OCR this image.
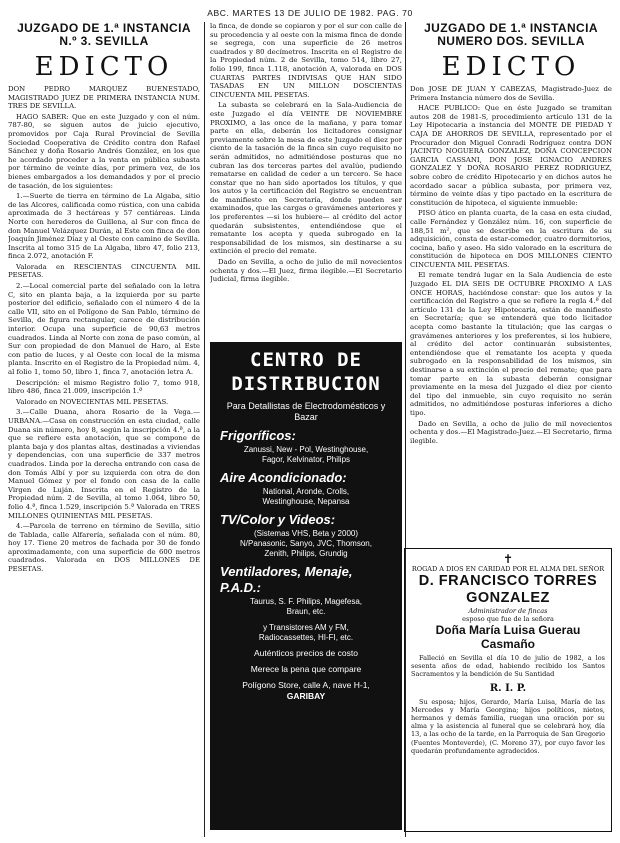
ABC. MARTES 13 DE JULIO DE 1982. PAG. 70
JUZGADO DE 1.ª INSTANCIA N.º 3. SEVILLA
EDICTO

DON PEDRO MARQUEZ BUENESTADO, MAGISTRADO JUEZ DE PRIMERA INSTANCIA NUM. TRES DE SEVILLA.

HAGO SABER: Que en este Juzgado y con el núm. 787-80, se siguen autos de juicio ejecutivo, promovidos por Caja Rural Provincial de Sevilla Sociedad Cooperativa de Crédito contra don Rafael Sánchez y doña Rosario Andrés González, en los que he acordado proceder a la venta en pública subasta por término de veinte días, por primera vez, de los bienes embargados a los demandados y por el precio de tasación, de los siguientes:

1.—Suerte de tierra en término de La Algaba, sitio de las Alcores, calificada como rústica, con una cabida aproximada de 3 hectáreas y 57 centiáreas. Linda Norte con herederos de Guillena, al Sur con finca de don Manuel Velázquez Durán, al Este con finca de don Joaquín Jiménez Díaz y al Oeste con camino de Sevilla. Inscrita al tomo 315 de La Algaba, libro 47, folio 213, finca 2.072, anotación F.

Valorada en RESCIENTAS CINCUENTA MIL PESETAS.

2.—Local comercial parte del señalado con la letra C, sito en planta baja, a la izquierda por su parte posterior del edificio, señalado con el número 4 de la calle VII, sito en el Polígono de San Pablo, término de Sevilla, de figura rectangular, carece de distribución interior. Ocupa una superficie de 90,63 metros cuadrados. Linda al Norte con zona de paso común, al Sur con propiedad de don Manuel de Haro, al Este con patio de luces, y al Oeste con local de la misma planta. Inscrito en el Registro de la Propiedad núm. 4, al folio 1, tomo 50, libro 1, finca 7, anotación letra A.

Descripción: el mismo Registro folio 7, tomo 918, libro 486, finca 21.009, inscripción 1.ª

Valorado en NOVECIENTAS MIL PESETAS.

3.—Calle Duana, ahora Rosario de la Vega.—URBANA.—Casa en construcción en esta ciudad, calle Duana sin número, hoy 8, según la inscripción 4.ª, a la que se refiere esta anotación, que se compone de planta baja y dos plantas altas, destinadas a viviendas y dependencias, con una superficie de 337 metros cuadrados. Linda por la derecha entrando con casa de don Tomás Albí y por su izquierda con otra de don Manuel Gómez y por el fondo con casa de la calle Virgen de Luján. Inscrita en el Registro de la Propiedad núm. 2 de Sevilla, al tomo 1.064, libro 50, folio 4.ª, finca 1.529, inscripción 5.ª Valorada en TRES MILLONES QUINIENTAS MIL PESETAS.

4.—Parcela de terreno en término de Sevilla, sitio de Tablada, calle Alfarería, señalada con el núm. 80, hoy 17. Tiene 20 metros de fachada por 30 de fondo aproximadamente, con una superficie de 600 metros cuadrados. Valorada en DOS MILLONES DE PESETAS.

la finca, de donde se copiaron y por el sur con calle de su procedencia y al oeste con la misma finca de donde se segrega, con una superficie de 26 metros cuadrados y 80 decímetros. Inscrita en el Registro de la Propiedad núm. 2 de Sevilla, tomo 514, libro 27, folio 199, finca 1.118, anotación A, valorada en DOS CUARTAS PARTES INDIVISAS QUE HAN SIDO TASADAS EN UN MILLON DOSCIENTAS CINCUENTA MIL PESETAS.

La subasta se celebrará en la Sala-Audiencia de este Juzgado el día VEINTE DE NOVIEMBRE PROXIMO, a las once de la mañana, y para tomar parte en ella, deberán los licitadores consignar previamente sobre la mesa de este Juzgado el diez por ciento de la tasación de la finca sin cuyo requisito no serán admitidos, no admitiéndose posturas que no cubran las dos terceras partes del avalúo, pudiendo rematarse en calidad de ceder a un tercero. Se hace constar que no han sido aportados los títulos, y que los autos y la certificación del Registro se encuentran de manifiesto en Secretaría, donde pueden ser examinados, que las cargas o gravámenes anteriores y los preferentes —si los hubiere— al crédito del actor quedarán subsistentes, entendiéndose que el rematante los acepta y queda subrogado en la responsabilidad de los mismos, sin destinarse a su extinción el precio del remate.

Dado en Sevilla, a ocho de julio de mil novecientos ochenta y dos.—El Juez, firma ilegible.—El Secretario Judicial, firma ilegible.

CENTRO DE
DISTRIBUCION
Para Detallistas de Electrodomésticos y Bazar
Frigoríficos:
Zanussi, New - Pol, Westinghouse,
Fagor, Kelvinator, Philips
Aire Acondicionado:
National, Aronde, Crolls,
Westinghouse, Nepansa
TV/Color y Videos:
(Sistemas VHS, Beta y 2000)
N/Panasonic, Sanyo, JVC, Thomson,
Zenith, Philips, Grundig
Ventiladores, Menaje, P.A.D.:
Taurus, S. F. Philips, Magefesa,
Braun, etc.
y Transistores AM y FM,
Radiocassettes, HI-FI, etc.
Auténticos precios de costo
Merece la pena que compare
Polígono Store, calle A, nave H-1,
GARIBAY
JUZGADO DE 1.ª INSTANCIA NUMERO DOS. SEVILLA
EDICTO

Don JOSE DE JUAN Y CABEZAS, Magistrado-Juez de Primera Instancia número dos de Sevilla.

HACE PUBLICO: Que en éste Juzgado se tramitan autos 208 de 1981-S, procedimiento artículo 131 de la Ley Hipotecaria a instancia del MONTE DE PIEDAD Y CAJA DE AHORROS DE SEVILLA, representado por el Procurador don Miguel Conradi Rodríguez contra DON JACINTO NOGUERA GONZALEZ, DOÑA CONCEPCION GARCIA CASSANI, DON JOSE IGNACIO ANDRES GONZALEZ Y DOÑA ROSARIO PEREZ RODRIGUEZ, sobre cobro de crédito Hipotecario y en dichos autos he acordado sacar a pública subasta, por primera vez, término de veinte días y tipo pactado en la escritura de constitución de hipoteca, el siguiente inmueble:

PISO ático en planta cuarta, de la casa en esta ciudad, calle Fernández y González núm. 16, con superficie de 188,51 m², que se describe en la escritura de su adquisición, consta de estar-comedor, cuatro dormitorios, cocina, baño y aseo. Ha sido valorado en la escritura de constitución de hipoteca en DOS MILLONES CIENTO CINCUENTA MIL PESETAS.

El remate tendrá lugar en la Sala Audiencia de este Juzgado EL DIA SEIS DE OCTUBRE PROXIMO A LAS ONCE HORAS, haciéndose constar: que los autos y la certificación del Registro a que se refiere la regla 4.ª del artículo 131 de la Ley Hipotecaria, están de manifiesto en Secretaría; que se entenderá que todo licitador acepta como bastante la titulación; que las cargas o gravámenes anteriores y los preferentes, si los hubiere, al crédito del actor continuarán subsistentes, entendiéndose que el rematante los acepta y queda subrogado en la responsabilidad de los mismos, sin destinarse a su extinción el precio del remate; que para tomar parte en la subasta deberán consignar previamente en la mesa del Juzgado el diez por ciento del tipo del inmueble, sin cuyo requisito no serán admitidos, no admitiéndose posturas inferiores a dicho tipo.

Dado en Sevilla, a ocho de julio de mil novecientos ochenta y dos.—El Magistrado-Juez.—El Secretario, firma ilegible.

✝
ROGAD A DIOS EN CARIDAD POR EL ALMA DEL SEÑOR
D. FRANCISCO TORRES GONZALEZ
Administrador de fincas
esposo que fue de la señora
Doña María Luisa Guerau Casmaño

Falleció en Sevilla el día 10 de julio de 1982, a los sesenta años de edad, habiendo recibido los Santos Sacramentos y la bendición de Su Santidad

R. I. P.

Su esposa; hijos, Gerardo, María Luisa, María de las Mercedes y María Georgina; hijos políticos, nietos, hermanos y demás familia, ruegan una oración por su alma y la asistencia al funeral que se celebrará hoy, día 13, a las ocho de la tarde, en la Parroquia de San Gregorio (Fuentes Monteverde), (C. Moreno 37), por cuyo favor les quedarán profundamente agradecidos.
